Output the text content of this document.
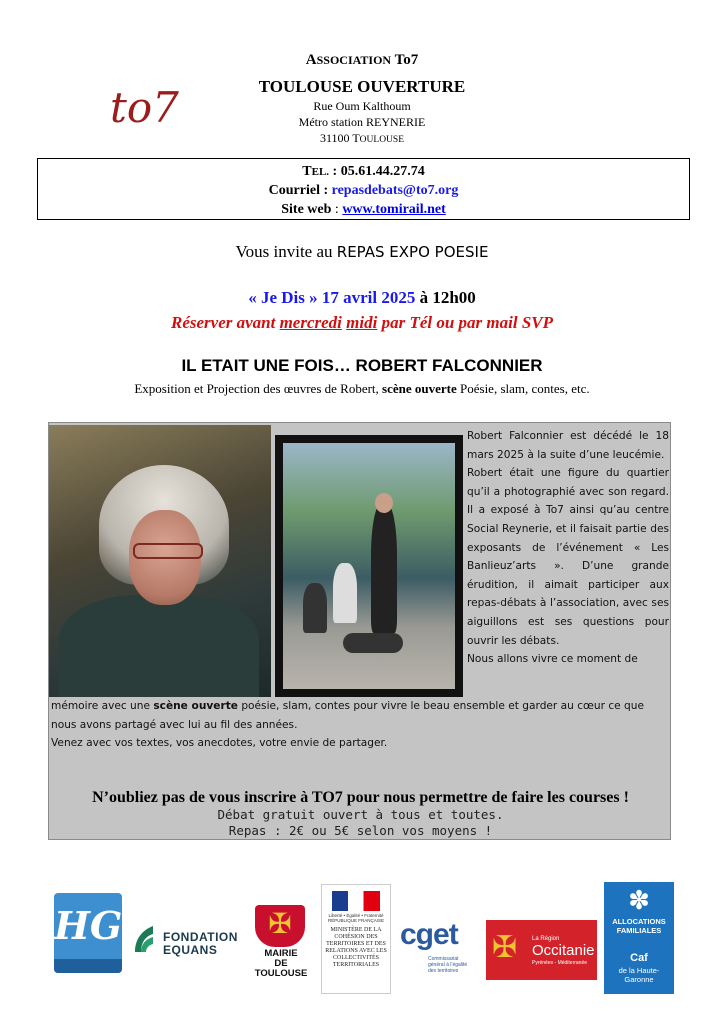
to7
ASSOCIATION To7
TOULOUSE OUVERTURE
Rue Oum Kalthoum
Métro station REYNERIE
31100 TOULOUSE
TEL. : 05.61.44.27.74
Courriel : repasdebats@to7.org
Site web : www.tomirail.net
Vous invite au REPAS EXPO POESIE
« Je Dis » 17 avril 2025 à 12h00
Réserver avant mercredi midi par Tél ou par mail SVP
IL ETAIT UNE FOIS… ROBERT FALCONNIER
Exposition et Projection des œuvres de Robert, scène ouverte Poésie, slam, contes, etc.

Robert Falconnier est décédé le 18 mars 2025 à la suite d’une leucémie.

Robert était une figure du quartier qu’il a photographié avec son regard. Il a exposé à To7 ainsi qu’au centre Social Reynerie, et il faisait partie des exposants de l’événement « Les Banlieuz’arts ». D’une grande érudition, il aimait participer aux repas-débats à l’association, avec ses aiguillons est ses questions pour ouvrir les débats.

Nous allons vivre ce moment de

mémoire avec une scène ouverte poésie, slam, contes pour vivre le beau ensemble et garder au cœur ce que nous avons partagé avec lui au fil des années.

Venez avec vos textes, vos anecdotes, votre envie de partager.

N’oubliez pas de vous inscrire à TO7 pour nous permettre de faire les courses !
Débat gratuit ouvert à tous et toutes.
Repas : 2€ ou 5€ selon vos moyens !
HG	FONDATION
EQUANS
✠
MAIRIE
DE
TOULOUSE
Liberté • Égalité • Fraternité RÉPUBLIQUE FRANÇAISE
MINISTÈRE DE LA COHÉSION DES TERRITOIRES ET DES RELATIONS AVEC LES COLLECTIVITÉS TERRITORIALES
cget
Commissariat général à l’égalité des territoires
✠ La Région
Occitanie
Pyrénées - Méditerranée
✽
ALLOCATIONS FAMILIALES
Caf
de la Haute-Garonne
